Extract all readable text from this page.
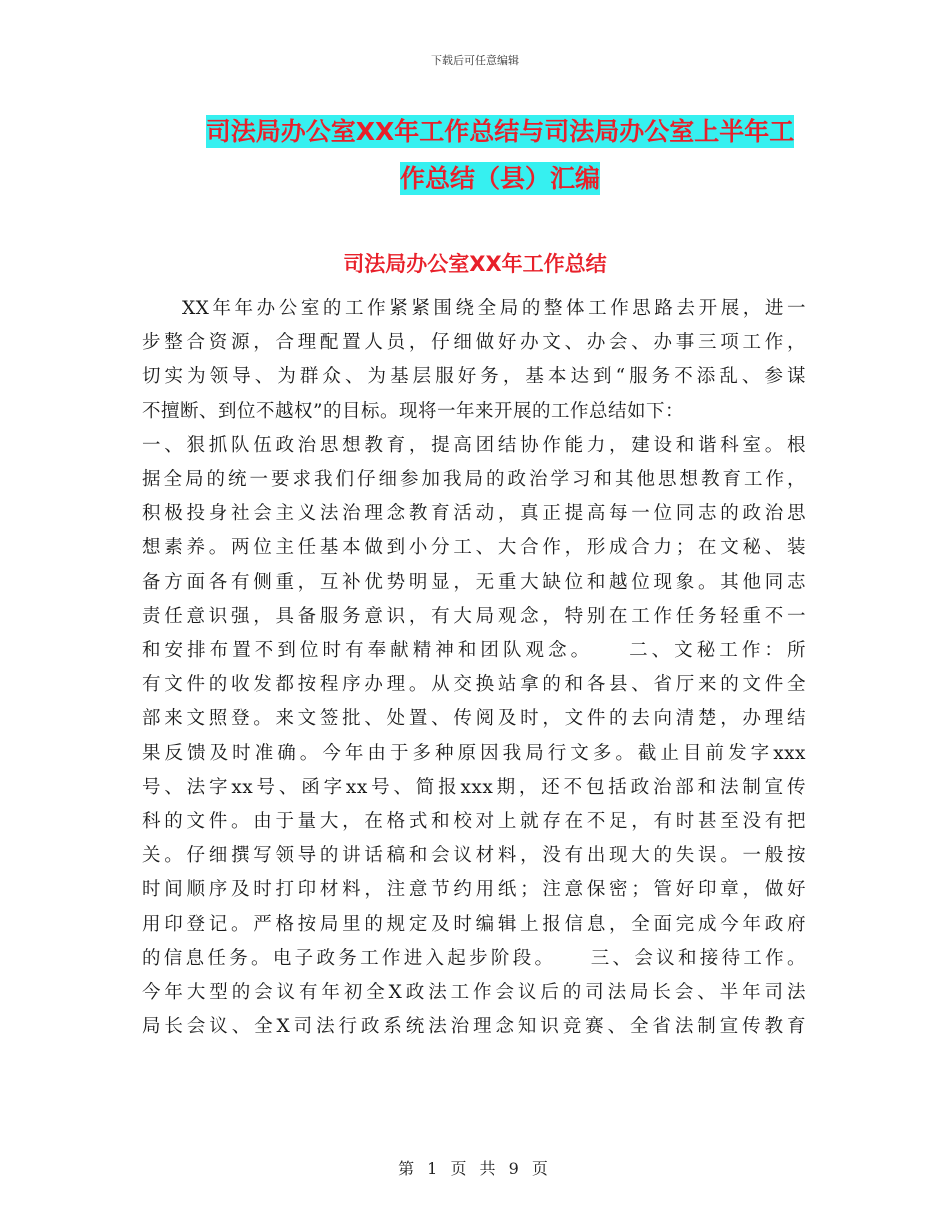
下载后可任意编辑
司法局办公室XX年工作总结与司法局办公室上半年工
作总结（县）汇编
司法局办公室XX年工作总结
XX年年办公室的工作紧紧围绕全局的整体工作思路去开展，进一
步整合资源，合理配置人员，仔细做好办文、办会、办事三项工作，
切实为领导、为群众、为基层服好务，基本达到“服务不添乱、参谋
不擅断、到位不越权”的目标。现将一年来开展的工作总结如下：
一、狠抓队伍政治思想教育，提高团结协作能力，建设和谐科室。根
据全局的统一要求我们仔细参加我局的政治学习和其他思想教育工作，
积极投身社会主义法治理念教育活动，真正提高每一位同志的政治思
想素养。两位主任基本做到小分工、大合作，形成合力；在文秘、装
备方面各有侧重，互补优势明显，无重大缺位和越位现象。其他同志
责任意识强，具备服务意识，有大局观念，特别在工作任务轻重不一
和安排布置不到位时有奉献精神和团队观念。　　二、文秘工作：所
有文件的收发都按程序办理。从交换站拿的和各县、省厅来的文件全
部来文照登。来文签批、处置、传阅及时，文件的去向清楚，办理结
果反馈及时准确。今年由于多种原因我局行文多。截止目前发字xxx
号、法字xx号、函字xx号、简报xxx期，还不包括政治部和法制宣传
科的文件。由于量大，在格式和校对上就存在不足，有时甚至没有把
关。仔细撰写领导的讲话稿和会议材料，没有出现大的失误。一般按
时间顺序及时打印材料，注意节约用纸；注意保密；管好印章，做好
用印登记。严格按局里的规定及时编辑上报信息，全面完成今年政府
的信息任务。电子政务工作进入起步阶段。　　三、会议和接待工作。
今年大型的会议有年初全X政法工作会议后的司法局长会、半年司法
局长会议、全X司法行政系统法治理念知识竞赛、全省法制宣传教育
第 1 页 共 9 页
